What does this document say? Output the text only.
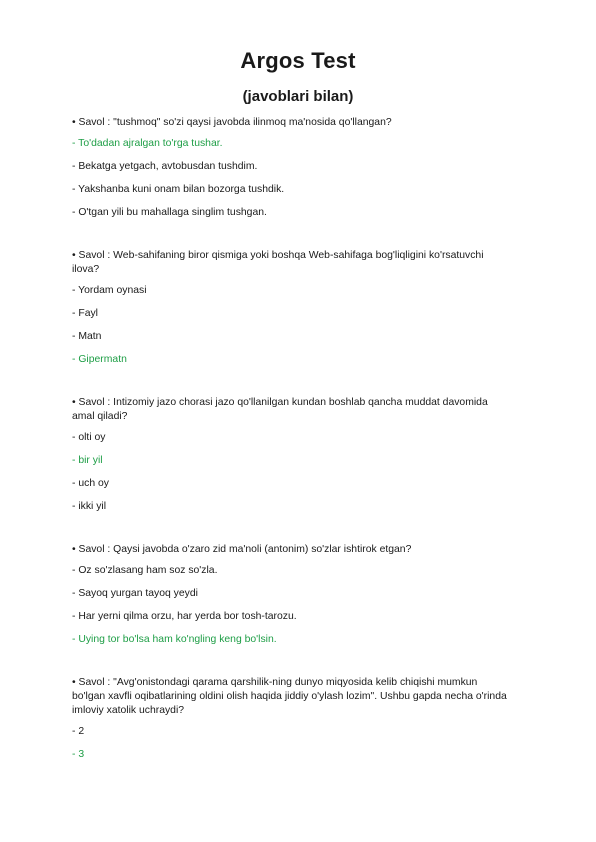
Argos Test
(javoblari bilan)
• Savol : "tushmoq" so'zi qaysi javobda ilinmoq ma'nosida qo'llangan?
- To'dadan ajralgan to'rga tushar.
- Bekatga yetgach, avtobusdan tushdim.
- Yakshanba kuni onam bilan bozorga tushdik.
- O'tgan yili bu mahallaga singlim tushgan.
• Savol : Web-sahifaning biror qismiga yoki boshqa Web-sahifaga bog'liqligini ko'rsatuvchi ilova?
- Yordam oynasi
- Fayl
- Matn
- Gipermatn
• Savol : Intizomiy jazo chorasi jazo qo'llanilgan kundan boshlab qancha muddat davomida amal qiladi?
- olti oy
- bir yil
- uch oy
- ikki yil
• Savol : Qaysi javobda o'zaro zid ma'noli (antonim) so'zlar ishtirok etgan?
- Oz so'zlasang ham soz so'zla.
- Sayoq yurgan tayoq yeydi
- Har yerni qilma orzu, har yerda bor tosh-tarozu.
- Uying tor bo'lsa ham ko'ngling keng bo'lsin.
• Savol : "Avg'onistondagi qarama qarshilik-ning dunyo miqyosida kelib chiqishi mumkun bo'lgan xavfli oqibatlarining oldini olish haqida jiddiy o'ylash lozim". Ushbu gapda necha o'rinda imloviy xatolik uchraydi?
- 2
- 3
